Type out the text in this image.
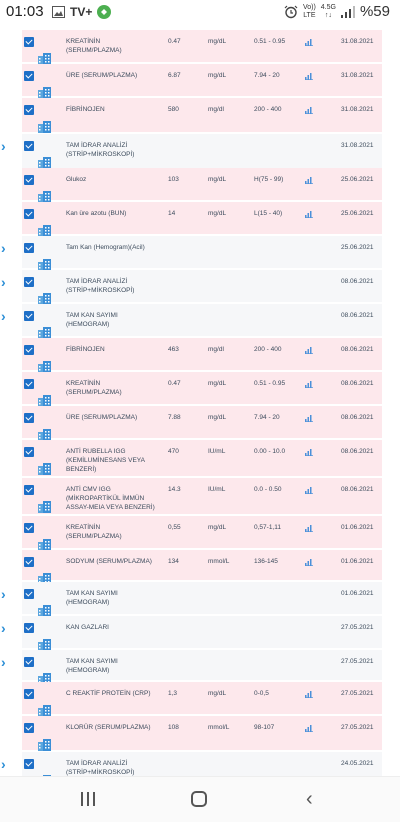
01:03 TV+	Vo))
LTE
4.5G
↑↓ %59
KREATİNİN
(SERUM/PLAZMA)
0.47	mg/dL	0.51 - 0.95	31.08.2021
ÜRE (SERUM/PLAZMA)	6.87	mg/dL	7.94 - 20	31.08.2021
FİBRİNOJEN	580	mg/dl	200 - 400	31.08.2021
›	TAM İDRAR ANALİZİ
(STRİP+MİKROSKOPİ)
31.08.2021
Glukoz	103	mg/dL	H(75 - 99)	25.06.2021
Kan üre azotu (BUN)	14	mg/dL	L(15 - 40)	25.06.2021
›	Tam Kan (Hemogram)(Acil)	25.06.2021
›	TAM İDRAR ANALİZİ
(STRİP+MİKROSKOPİ)
08.06.2021
›	TAM KAN SAYIMI
(HEMOGRAM)
08.06.2021
FİBRİNOJEN	463	mg/dl	200 - 400	08.06.2021
KREATİNİN
(SERUM/PLAZMA)
0.47	mg/dL	0.51 - 0.95	08.06.2021
ÜRE (SERUM/PLAZMA)	7.88	mg/dL	7.94 - 20	08.06.2021
ANTİ RUBELLA IGG
(KEMİLUMİNESANS VEYA
BENZERİ)
470	IU/mL	0.00 - 10.0	08.06.2021
ANTİ CMV IGG
(MİKROPARTİKÜL İMMÜN
ASSAY-MEIA VEYA BENZERİ)
14.3	IU/mL	0.0 - 0.50	08.06.2021
KREATİNİN
(SERUM/PLAZMA)
0,55	mg/dL	0,57-1,11	01.06.2021
SODYUM (SERUM/PLAZMA)	134	mmol/L	136-145	01.06.2021
›	TAM KAN SAYIMI
(HEMOGRAM)
01.06.2021
›	KAN GAZLARI	27.05.2021
›	TAM KAN SAYIMI
(HEMOGRAM)
27.05.2021
C REAKTİF PROTEİN (CRP)	1,3	mg/dL	0-0,5	27.05.2021
KLORÜR (SERUM/PLAZMA)	108	mmol/L	98-107	27.05.2021
›	TAM İDRAR ANALİZİ
(STRİP+MİKROSKOPİ)
24.05.2021
‹
